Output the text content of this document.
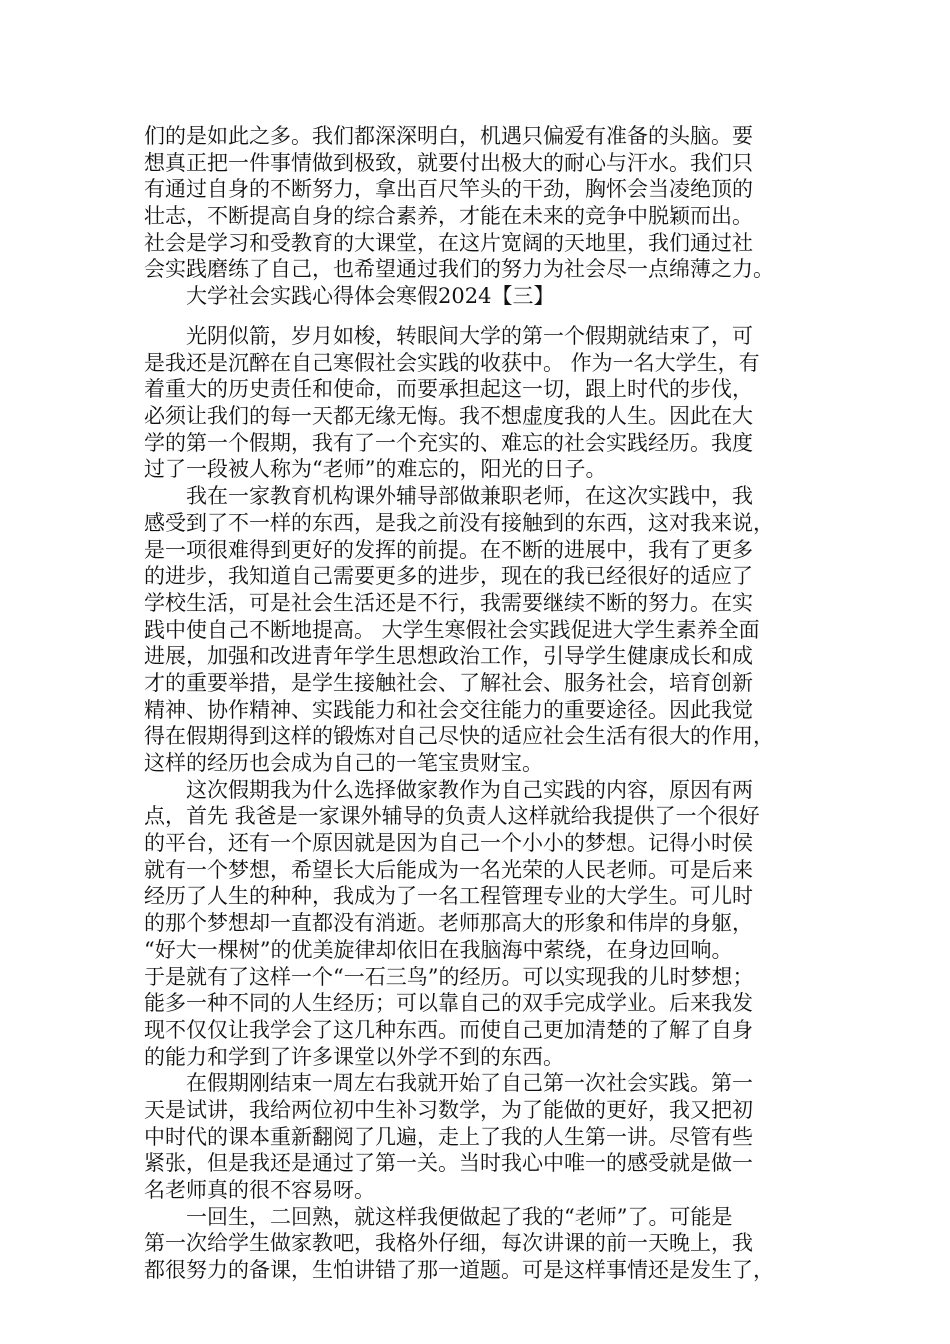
们的是如此之多。我们都深深明白，机遇只偏爱有准备的头脑。要
想真正把一件事情做到极致，就要付出极大的耐心与汗水。我们只
有通过自身的不断努力，拿出百尺竿头的干劲，胸怀会当凌绝顶的
壮志，不断提高自身的综合素养，才能在未来的竞争中脱颖而出。
社会是学习和受教育的大课堂，在这片宽阔的天地里，我们通过社
会实践磨练了自己，也希望通过我们的努力为社会尽一点绵薄之力。
大学社会实践心得体会寒假2024【三】
光阴似箭，岁月如梭，转眼间大学的第一个假期就结束了，可
是我还是沉醉在自己寒假社会实践的收获中。 作为一名大学生，有
着重大的历史责任和使命，而要承担起这一切，跟上时代的步伐，
必须让我们的每一天都无缘无悔。我不想虚度我的人生。因此在大
学的第一个假期，我有了一个充实的、难忘的社会实践经历。我度
过了一段被人称为“老师”的难忘的，阳光的日子。
我在一家教育机构课外辅导部做兼职老师，在这次实践中，我
感受到了不一样的东西，是我之前没有接触到的东西，这对我来说，
是一项很难得到更好的发挥的前提。在不断的进展中，我有了更多
的进步，我知道自己需要更多的进步，现在的我已经很好的适应了
学校生活，可是社会生活还是不行，我需要继续不断的努力。在实
践中使自己不断地提高。 大学生寒假社会实践促进大学生素养全面
进展，加强和改进青年学生思想政治工作，引导学生健康成长和成
才的重要举措，是学生接触社会、了解社会、服务社会，培育创新
精神、协作精神、实践能力和社会交往能力的重要途径。因此我觉
得在假期得到这样的锻炼对自己尽快的适应社会生活有很大的作用，
这样的经历也会成为自己的一笔宝贵财宝。
这次假期我为什么选择做家教作为自己实践的内容，原因有两
点，首先 我爸是一家课外辅导的负责人这样就给我提供了一个很好
的平台，还有一个原因就是因为自己一个小小的梦想。记得小时侯
就有一个梦想，希望长大后能成为一名光荣的人民老师。可是后来
经历了人生的种种，我成为了一名工程管理专业的大学生。可儿时
的那个梦想却一直都没有消逝。老师那高大的形象和伟岸的身躯，
“好大一棵树”的优美旋律却依旧在我脑海中萦绕，在身边回响。
于是就有了这样一个“一石三鸟”的经历。可以实现我的儿时梦想；
能多一种不同的人生经历；可以靠自己的双手完成学业。后来我发
现不仅仅让我学会了这几种东西。而使自己更加清楚的了解了自身
的能力和学到了许多课堂以外学不到的东西。
在假期刚结束一周左右我就开始了自己第一次社会实践。第一
天是试讲，我给两位初中生补习数学，为了能做的更好，我又把初
中时代的课本重新翻阅了几遍，走上了我的人生第一讲。尽管有些
紧张，但是我还是通过了第一关。当时我心中唯一的感受就是做一
名老师真的很不容易呀。
一回生，二回熟，就这样我便做起了我的“老师”了。可能是
第一次给学生做家教吧，我格外仔细，每次讲课的前一天晚上，我
都很努力的备课，生怕讲错了那一道题。可是这样事情还是发生了，
